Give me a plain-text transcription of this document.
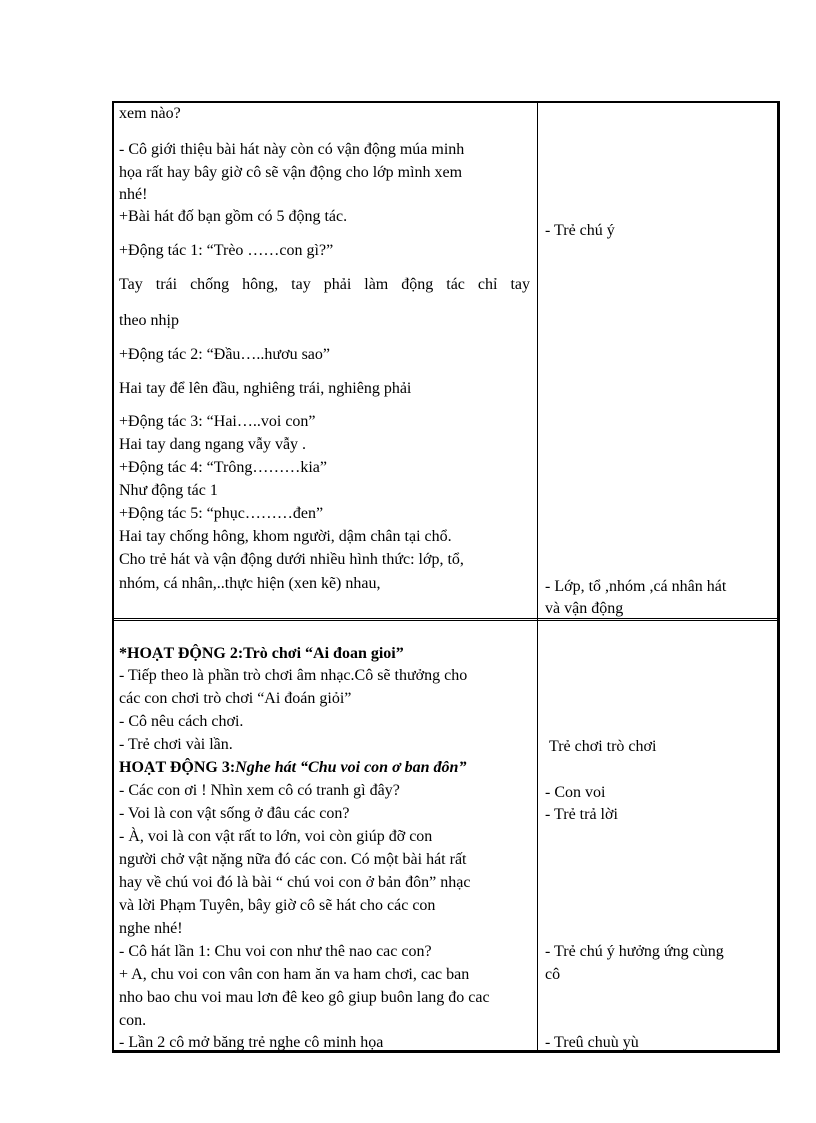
xem nào?
- Cô giới thiệu bài hát này còn có vận động múa minh
họa rất hay bây giờ cô sẽ vận động cho lớp mình xem
nhé!
+Bài hát đố bạn gồm có 5 động tác.
+Động tác 1: “Trèo ……con gì?”
Tay trái chống hông, tay phải làm động tác chỉ tay
theo nhịp
+Động tác 2: “Đầu…..hươu sao”
Hai tay để lên đầu, nghiêng trái, nghiêng phải
+Động tác 3: “Hai…..voi con”
Hai tay dang ngang vẫy vẫy .
+Động tác 4: “Trông………kia”
Như động tác 1
+Động tác 5: “phục………đen”
Hai tay chống hông, khom người, dậm chân tại chổ.
Cho trẻ hát và vận động dưới nhiều hình thức: lớp, tổ,
nhóm, cá nhân,..thực hiện (xen kẽ) nhau,
*HOẠT ĐỘNG 2:Trò chơi “Ai đoan gioi”
- Tiếp theo là phần trò chơi âm nhạc.Cô sẽ thưởng cho
các con chơi trò chơi “Ai đoán giỏi”
- Cô nêu cách chơi.
- Trẻ chơi vài lần.
HOẠT ĐỘNG 3:Nghe hát “Chu voi con ơ ban đôn”
- Các con ơi ! Nhìn xem cô có tranh gì đây?
- Voi là con vật sống ở đâu các con?
- À, voi là con vật rất to lớn, voi còn giúp đỡ con
người chở vật nặng nữa đó các con. Có một bài hát rất
hay về chú voi đó là bài “ chú voi con ở bản đôn” nhạc
và lời Phạm Tuyên, bây giờ cô sẽ hát cho các con
nghe nhé!
- Cô hát lần 1: Chu voi con như thê nao cac con?
+ A, chu voi con vân con ham ăn va ham chơi, cac ban
nho bao chu voi mau lơn đê keo gô giup buôn lang đo cac
con.
- Lần 2 cô mở băng trẻ nghe cô minh họa
- Trẻ chú ý
- Lớp, tổ ,nhóm ,cá nhân hát
và vận động
Trẻ chơi trò chơi
- Con voi
- Trẻ trả lời
- Trẻ chú ý hưởng ứng cùng
cô
- Treû chuù yù
